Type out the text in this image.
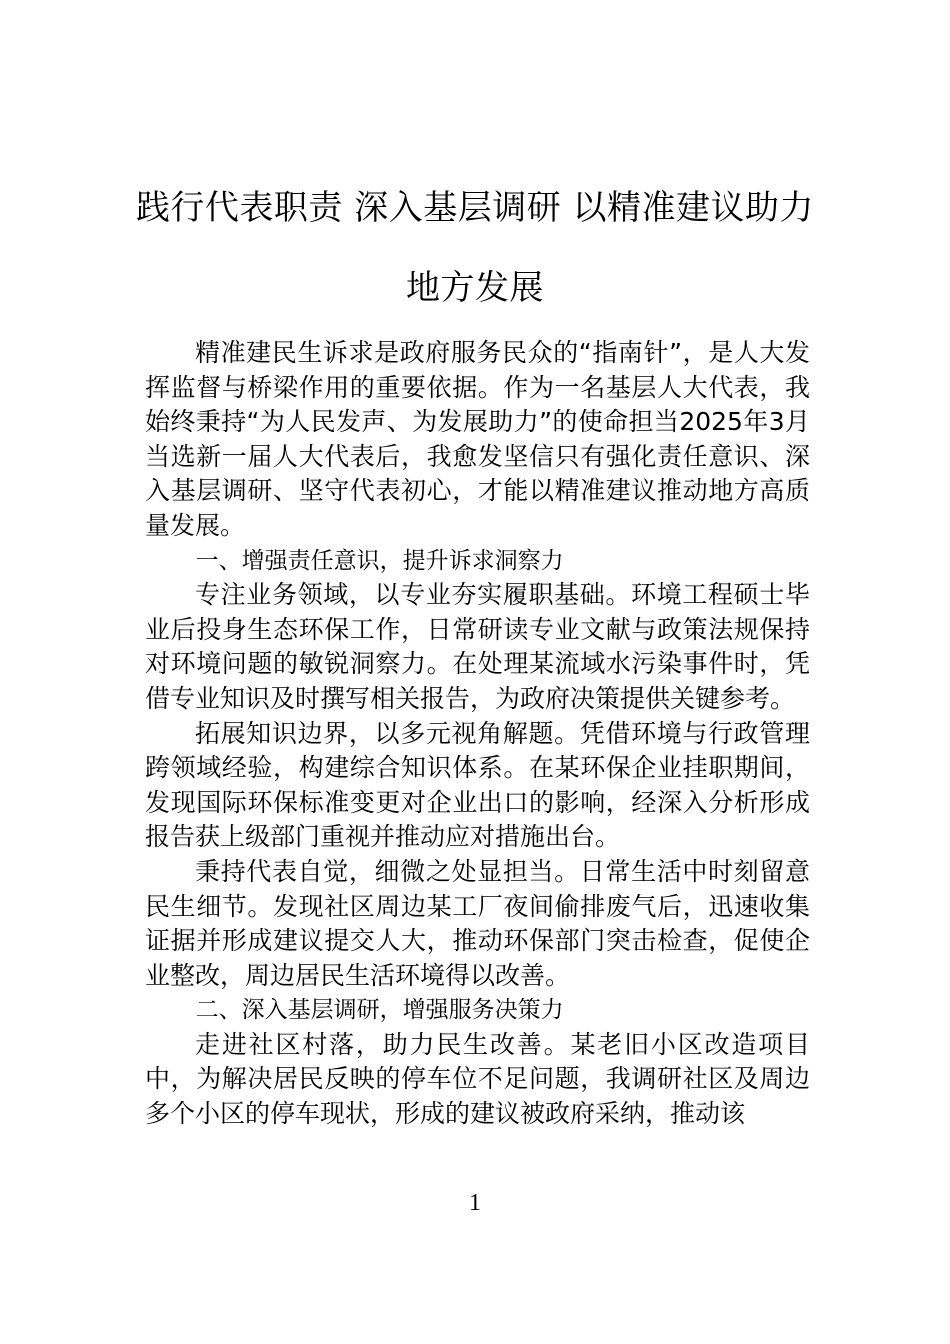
践行代表职责 深入基层调研 以精准建议助力地方发展

精准建民生诉求是政府服务民众的“指南针”，是人大发挥监督与桥梁作用的重要依据。作为一名基层人大代表，我始终秉持“为人民发声、为发展助力”的使命担当2025年3月当选新一届人大代表后，我愈发坚信只有强化责任意识、深入基层调研、坚守代表初心，才能以精准建议推动地方高质量发展。

一、增强责任意识，提升诉求洞察力

专注业务领域，以专业夯实履职基础。环境工程硕士毕业后投身生态环保工作，日常研读专业文献与政策法规保持对环境问题的敏锐洞察力。在处理某流域水污染事件时，凭借专业知识及时撰写相关报告，为政府决策提供关键参考。

拓展知识边界，以多元视角解题。凭借环境与行政管理跨领域经验，构建综合知识体系。在某环保企业挂职期间，发现国际环保标准变更对企业出口的影响，经深入分析形成报告获上级部门重视并推动应对措施出台。

秉持代表自觉，细微之处显担当。日常生活中时刻留意民生细节。发现社区周边某工厂夜间偷排废气后，迅速收集证据并形成建议提交人大，推动环保部门突击检查，促使企业整改，周边居民生活环境得以改善。

二、深入基层调研，增强服务决策力

走进社区村落，助力民生改善。某老旧小区改造项目中，为解决居民反映的停车位不足问题，我调研社区及周边多个小区的停车现状，形成的建议被政府采纳，推动该

1
